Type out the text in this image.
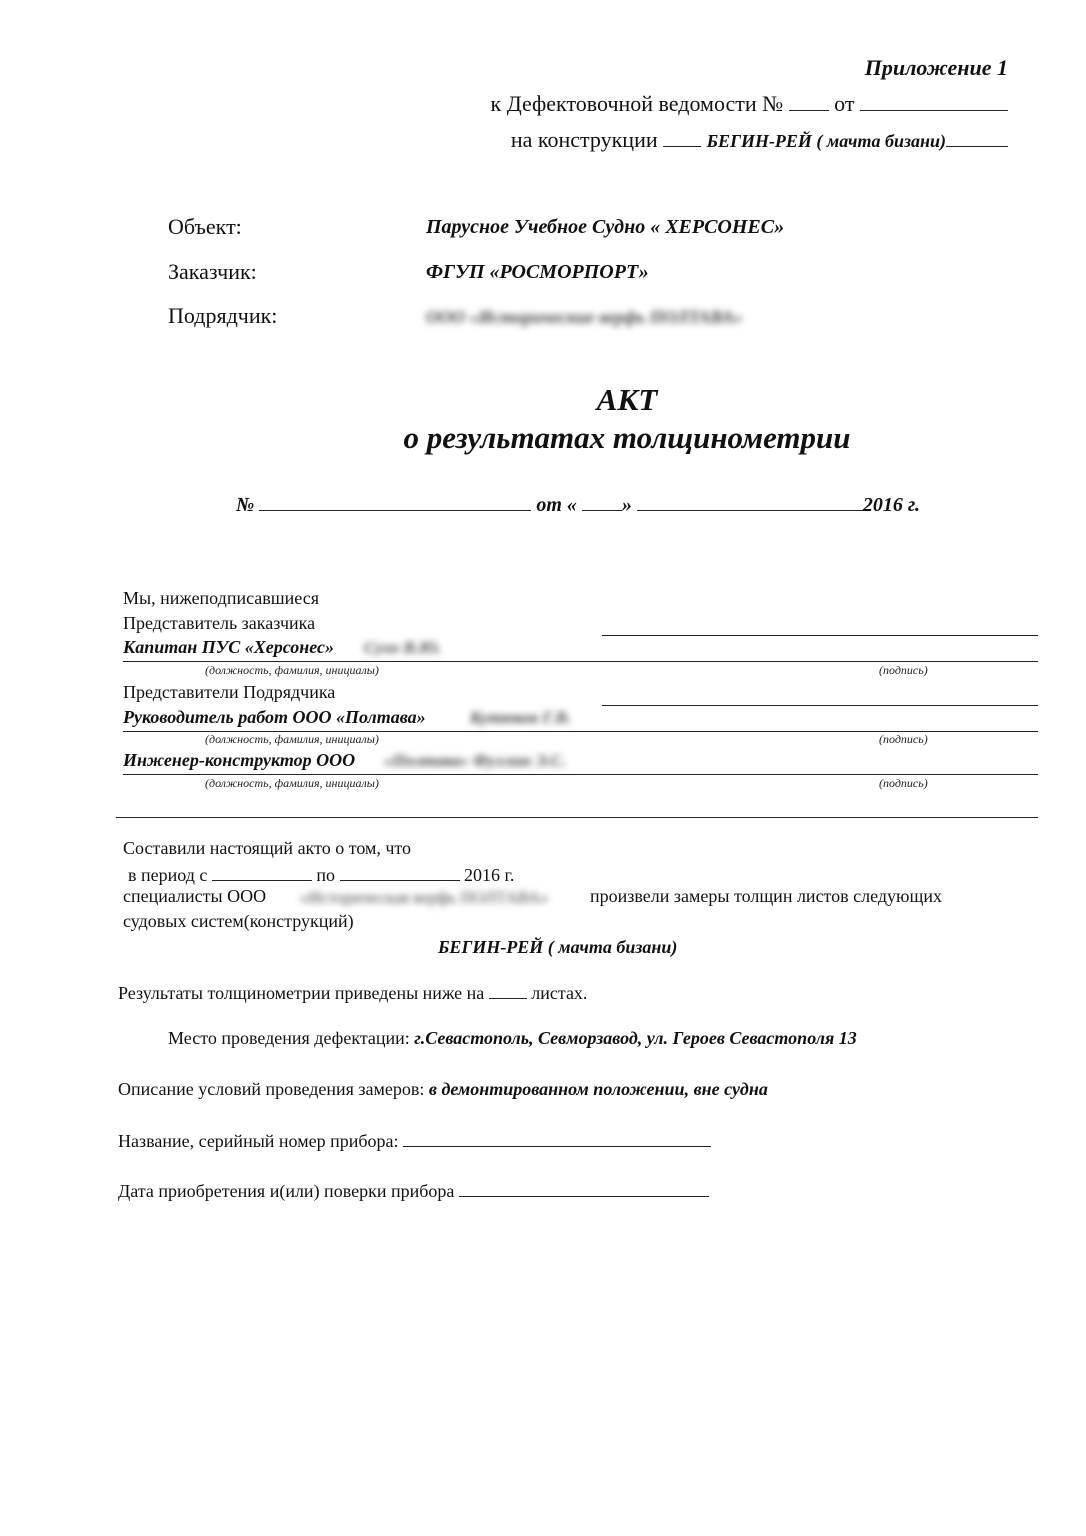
Приложение 1
к Дефектовочной ведомости № от
на конструкции	БЕГИН-РЕЙ ( мачта бизани)
Объект:	Парусное Учебное Судно « ХЕРСОНЕС»
Заказчик:	ФГУП «РОСМОРПОРТ»
Подрядчик:	ООО «Исторические верфь ПОЛТАВА»
АКТ
о результатах толщинометрии
№	от « »	2016 г.
Мы, нижеподписавшиеся
Представитель заказчика
Капитан ПУС «Херсонес» Сухо В.Ю.
(должность, фамилия, инициалы)	(подпись)
Представители Подрядчика
Руководитель работ ООО «Полтава»	Кутюков Г.В.
(должность, фамилия, инициалы)	(подпись)
Инженер-конструктор ООО «Полтава» Фуллин Э.С.
(должность, фамилия, инициалы)	(подпись)
Составили настоящий акто о том, что
в период с	по	2016 г.
специалисты ООО «Историческая верфь ПОЛТАВА» произвели замеры толщин листов следующих
судовых систем(конструкций)
БЕГИН-РЕЙ ( мачта бизани)
Результаты толщинометрии приведены ниже на	листах.
Место проведения дефектации: г.Севастополь, Севморзавод, ул. Героев Севастополя 13
Описание условий проведения замеров: в демонтированном положении, вне судна
Название, серийный номер прибора:
Дата приобретения и(или) поверки прибора
